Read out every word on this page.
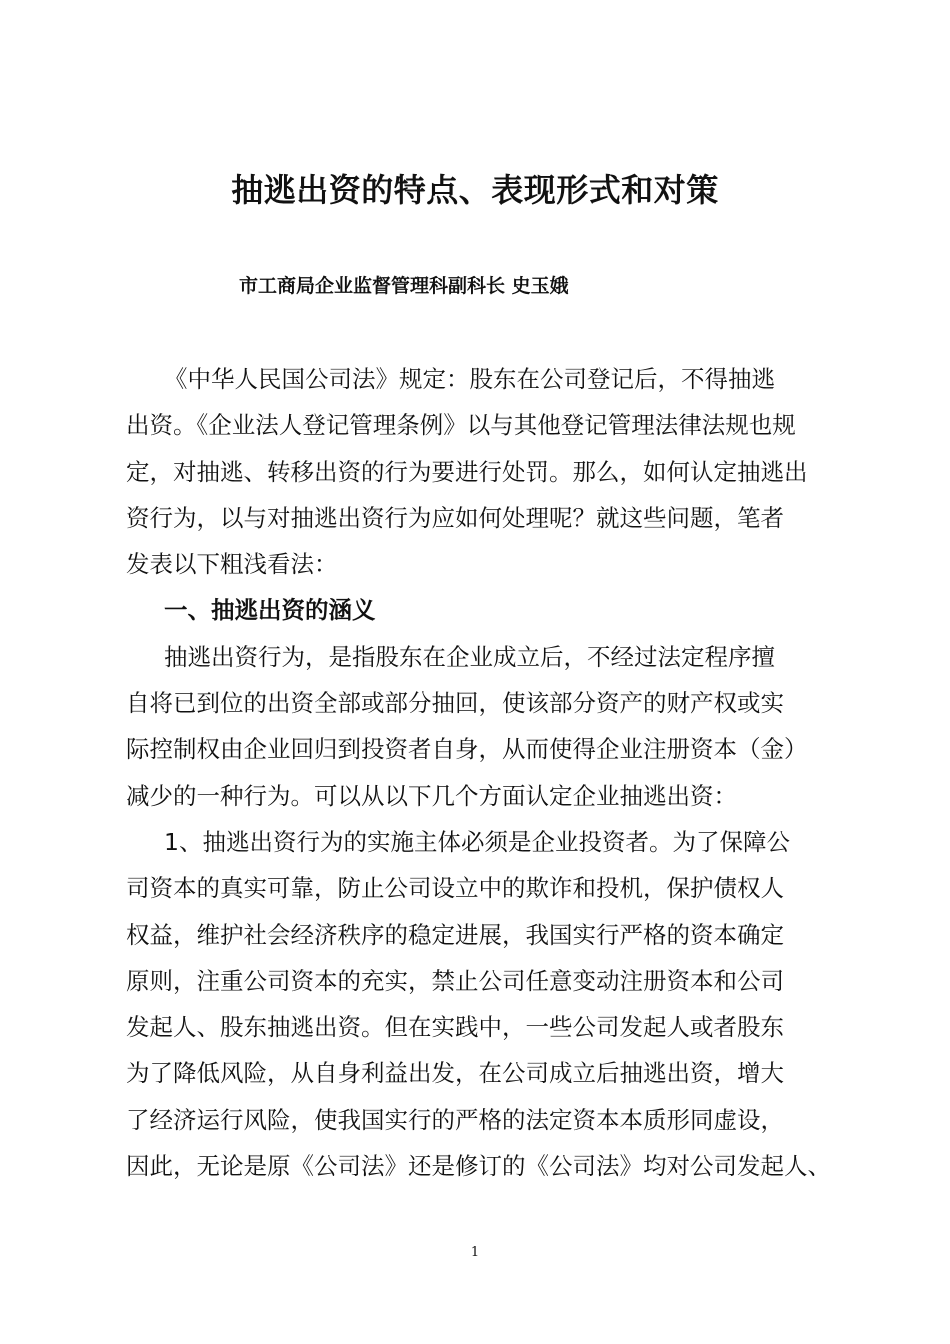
抽逃出资的特点、表现形式和对策
市工商局企业监督管理科副科长 史玉娥
《中华人民国公司法》规定：股东在公司登记后，不得抽逃
出资。《企业法人登记管理条例》以与其他登记管理法律法规也规
定，对抽逃、转移出资的行为要进行处罚。那么，如何认定抽逃出
资行为，以与对抽逃出资行为应如何处理呢？就这些问题，笔者
发表以下粗浅看法：
一、抽逃出资的涵义
抽逃出资行为，是指股东在企业成立后，不经过法定程序擅
自将已到位的出资全部或部分抽回，使该部分资产的财产权或实
际控制权由企业回归到投资者自身，从而使得企业注册资本（金）
减少的一种行为。可以从以下几个方面认定企业抽逃出资：
1、抽逃出资行为的实施主体必须是企业投资者。为了保障公
司资本的真实可靠，防止公司设立中的欺诈和投机，保护债权人
权益，维护社会经济秩序的稳定进展，我国实行严格的资本确定
原则，注重公司资本的充实，禁止公司任意变动注册资本和公司
发起人、股东抽逃出资。但在实践中，一些公司发起人或者股东
为了降低风险，从自身利益出发，在公司成立后抽逃出资，增大
了经济运行风险，使我国实行的严格的法定资本本质形同虚设，
因此，无论是原《公司法》还是修订的《公司法》均对公司发起人、
1
